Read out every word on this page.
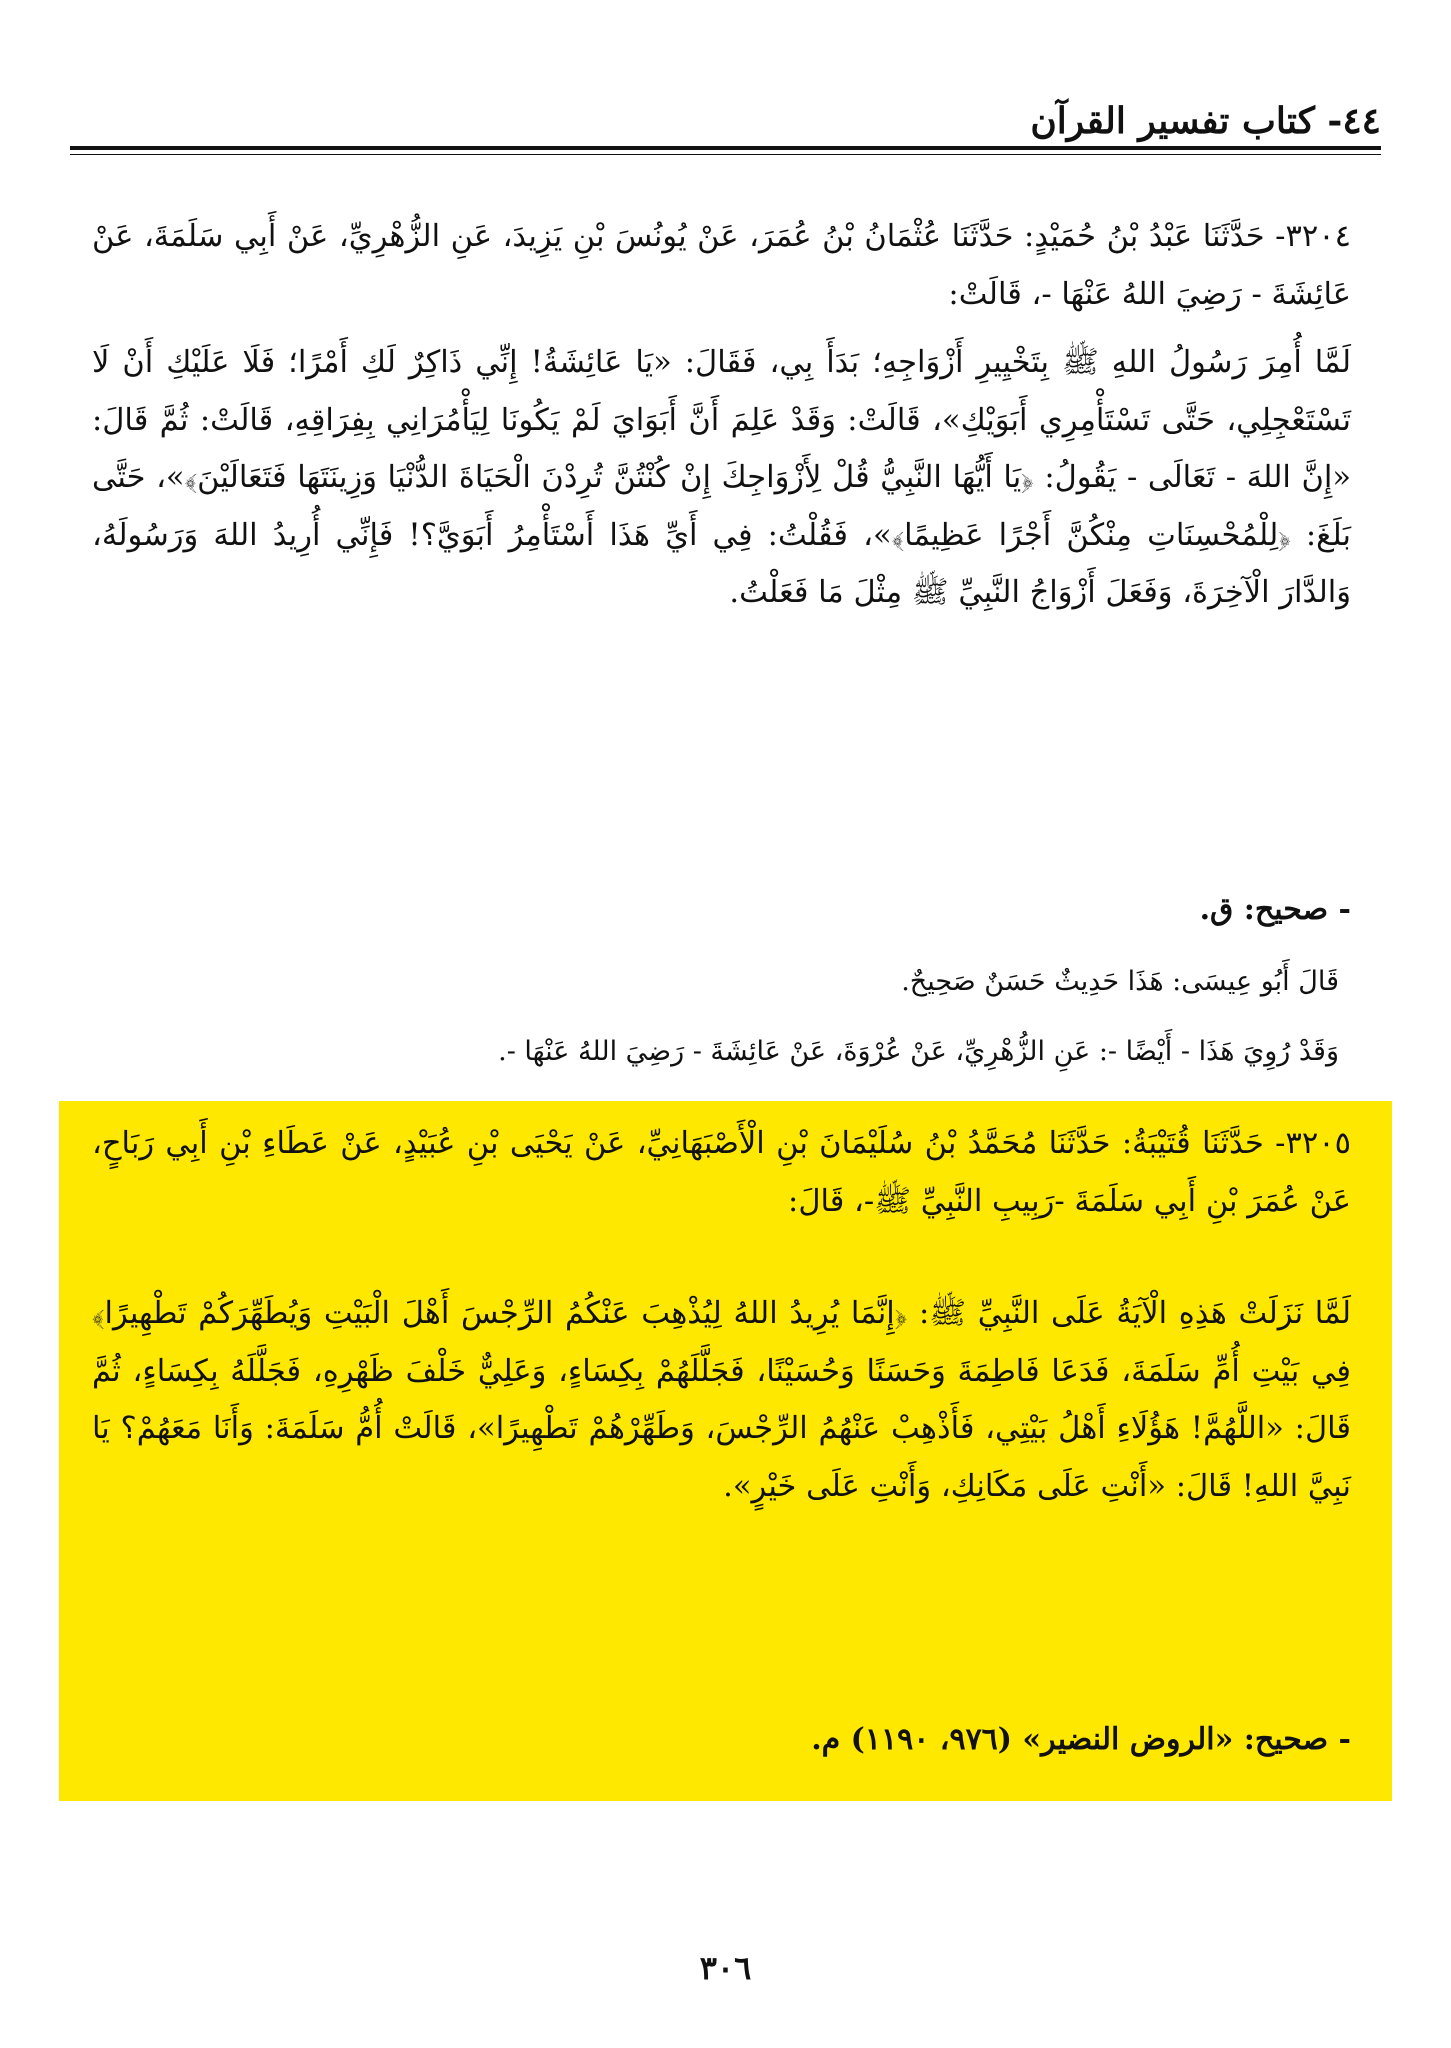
٤٤- كتاب تفسير القرآن
٣٢٠٤- حَدَّثَنَا عَبْدُ بْنُ حُمَيْدٍ: حَدَّثَنَا عُثْمَانُ بْنُ عُمَرَ، عَنْ يُونُسَ بْنِ يَزِيدَ، عَنِ الزُّهْرِيِّ، عَنْ أَبِي سَلَمَةَ، عَنْ عَائِشَةَ - رَضِيَ اللهُ عَنْهَا -، قَالَتْ:
لَمَّا أُمِرَ رَسُولُ اللهِ ﷺ بِتَخْيِيرِ أَزْوَاجِهِ؛ بَدَأَ بِي، فَقَالَ: «يَا عَائِشَةُ! إِنِّي ذَاكِرٌ لَكِ أَمْرًا؛ فَلَا عَلَيْكِ أَنْ لَا تَسْتَعْجِلِي، حَتَّى تَسْتَأْمِرِي أَبَوَيْكِ»، قَالَتْ: وَقَدْ عَلِمَ أَنَّ أَبَوَايَ لَمْ يَكُونَا لِيَأْمُرَانِي بِفِرَاقِهِ، قَالَتْ: ثُمَّ قَالَ: «إِنَّ اللهَ - تَعَالَى - يَقُولُ: ﴿يَا أَيُّهَا النَّبِيُّ قُلْ لِأَزْوَاجِكَ إِنْ كُنْتُنَّ تُرِدْنَ الْحَيَاةَ الدُّنْيَا وَزِينَتَهَا فَتَعَالَيْنَ﴾»، حَتَّى بَلَغَ: ﴿لِلْمُحْسِنَاتِ مِنْكُنَّ أَجْرًا عَظِيمًا﴾»، فَقُلْتُ: فِي أَيِّ هَذَا أَسْتَأْمِرُ أَبَوَيَّ؟! فَإِنِّي أُرِيدُ اللهَ وَرَسُولَهُ، وَالدَّارَ الْآخِرَةَ، وَفَعَلَ أَزْوَاجُ النَّبِيِّ ﷺ مِثْلَ مَا فَعَلْتُ.
- صحيح: ق.
قَالَ أَبُو عِيسَى: هَذَا حَدِيثٌ حَسَنٌ صَحِيحٌ.
وَقَدْ رُوِيَ هَذَا - أَيْضًا -: عَنِ الزُّهْرِيِّ، عَنْ عُرْوَةَ، عَنْ عَائِشَةَ - رَضِيَ اللهُ عَنْهَا -.
٣٢٠٥- حَدَّثَنَا قُتَيْبَةُ: حَدَّثَنَا مُحَمَّدُ بْنُ سُلَيْمَانَ بْنِ الْأَصْبَهَانِيِّ، عَنْ يَحْيَى بْنِ عُبَيْدٍ، عَنْ عَطَاءِ بْنِ أَبِي رَبَاحٍ، عَنْ عُمَرَ بْنِ أَبِي سَلَمَةَ -رَبِيبِ النَّبِيِّ ﷺ-، قَالَ:
لَمَّا نَزَلَتْ هَذِهِ الْآيَةُ عَلَى النَّبِيِّ ﷺ: ﴿إِنَّمَا يُرِيدُ اللهُ لِيُذْهِبَ عَنْكُمُ الرِّجْسَ أَهْلَ الْبَيْتِ وَيُطَهِّرَكُمْ تَطْهِيرًا﴾ فِي بَيْتِ أُمِّ سَلَمَةَ، فَدَعَا فَاطِمَةَ وَحَسَنًا وَحُسَيْنًا، فَجَلَّلَهُمْ بِكِسَاءٍ، وَعَلِيٌّ خَلْفَ ظَهْرِهِ، فَجَلَّلَهُ بِكِسَاءٍ، ثُمَّ قَالَ: «اللَّهُمَّ! هَؤُلَاءِ أَهْلُ بَيْتِي، فَأَذْهِبْ عَنْهُمُ الرِّجْسَ، وَطَهِّرْهُمْ تَطْهِيرًا»، قَالَتْ أُمُّ سَلَمَةَ: وَأَنَا مَعَهُمْ؟ يَا نَبِيَّ اللهِ! قَالَ: «أَنْتِ عَلَى مَكَانِكِ، وَأَنْتِ عَلَى خَيْرٍ».
- صحيح: «الروض النضير» (٩٧٦، ١١٩٠) م.
٣٠٦
